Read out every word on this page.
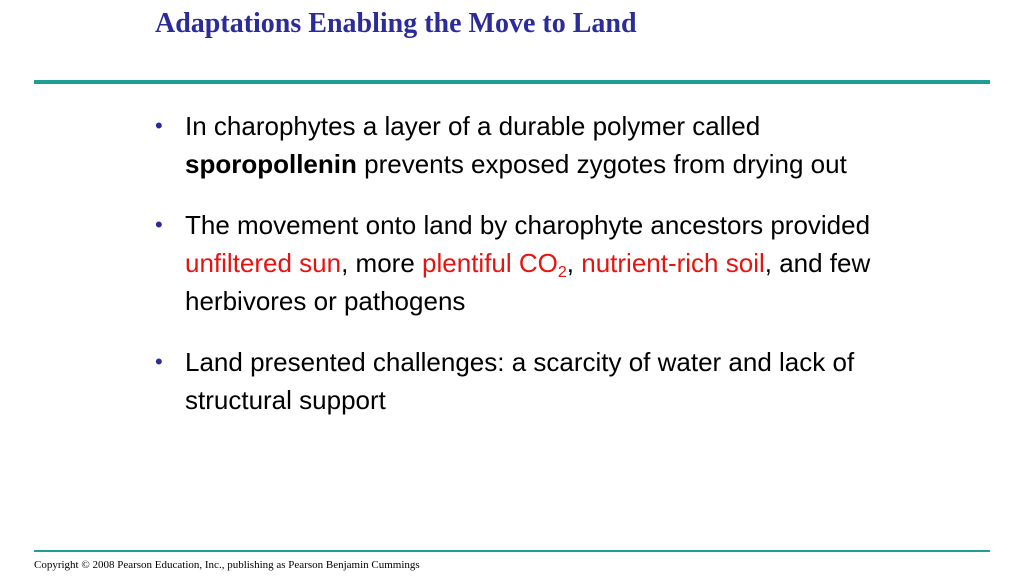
Adaptations Enabling the Move to Land
• In charophytes a layer of a durable polymer called sporopollenin prevents exposed zygotes from drying out
• The movement onto land by charophyte ancestors provided unfiltered sun, more plentiful $CO_2$, nutrient-rich soil, and few herbivores or pathogens
• Land presented challenges: a scarcity of water and lack of structural support
Copyright © 2008 Pearson Education, Inc., publishing as Pearson Benjamin Cummings
